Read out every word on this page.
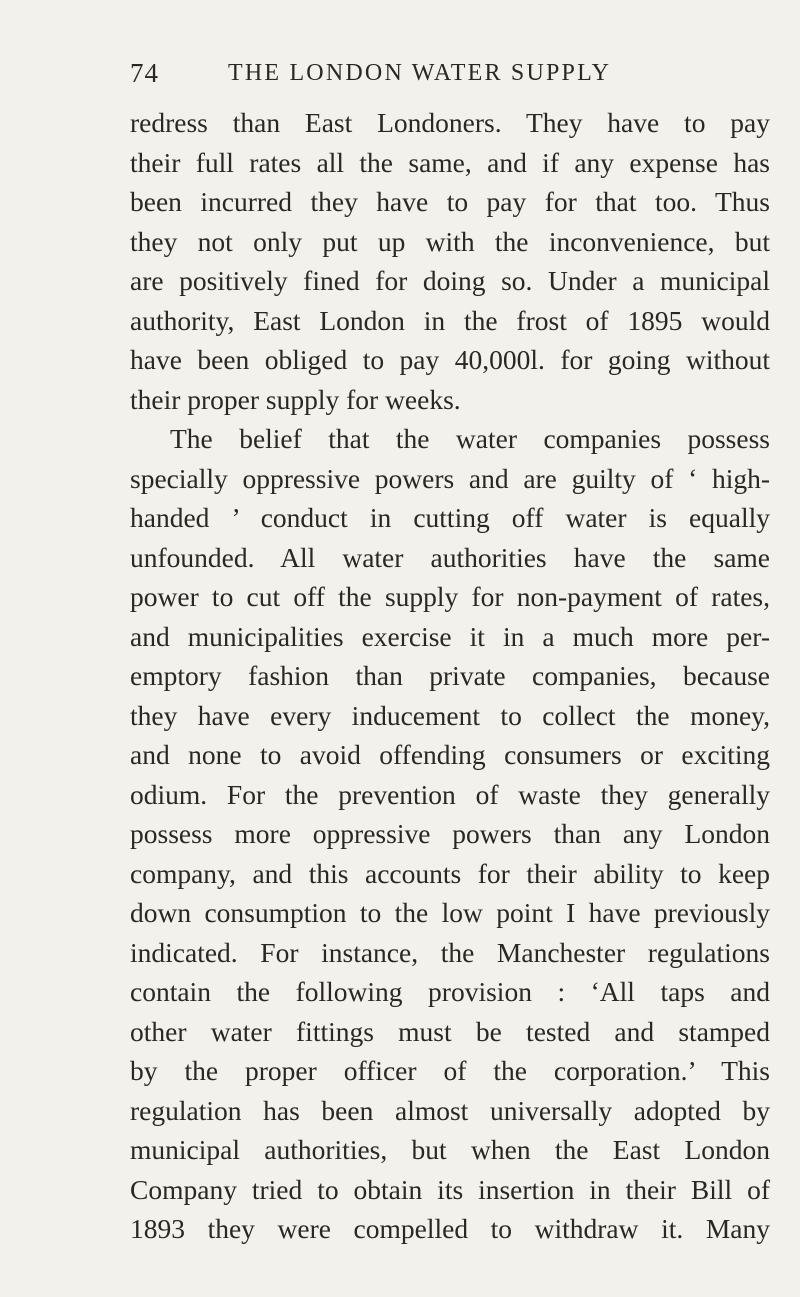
74	THE LONDON WATER SUPPLY
redress than East Londoners. They have to pay
their full rates all the same, and if any expense has
been incurred they have to pay for that too. Thus
they not only put up with the inconvenience, but
are positively fined for doing so. Under a municipal
authority, East London in the frost of 1895 would
have been obliged to pay 40,000l. for going without
their proper supply for weeks.
The belief that the water companies possess
specially oppressive powers and are guilty of ‘ high-
handed ’ conduct in cutting off water is equally
unfounded. All water authorities have the same
power to cut off the supply for non-payment of rates,
and municipalities exercise it in a much more per-
emptory fashion than private companies, because
they have every inducement to collect the money,
and none to avoid offending consumers or exciting
odium. For the prevention of waste they generally
possess more oppressive powers than any London
company, and this accounts for their ability to keep
down consumption to the low point I have previously
indicated. For instance, the Manchester regulations
contain the following provision : ‘All taps and
other water fittings must be tested and stamped
by the proper officer of the corporation.’ This
regulation has been almost universally adopted by
municipal authorities, but when the East London
Company tried to obtain its insertion in their Bill of
1893 they were compelled to withdraw it. Many
